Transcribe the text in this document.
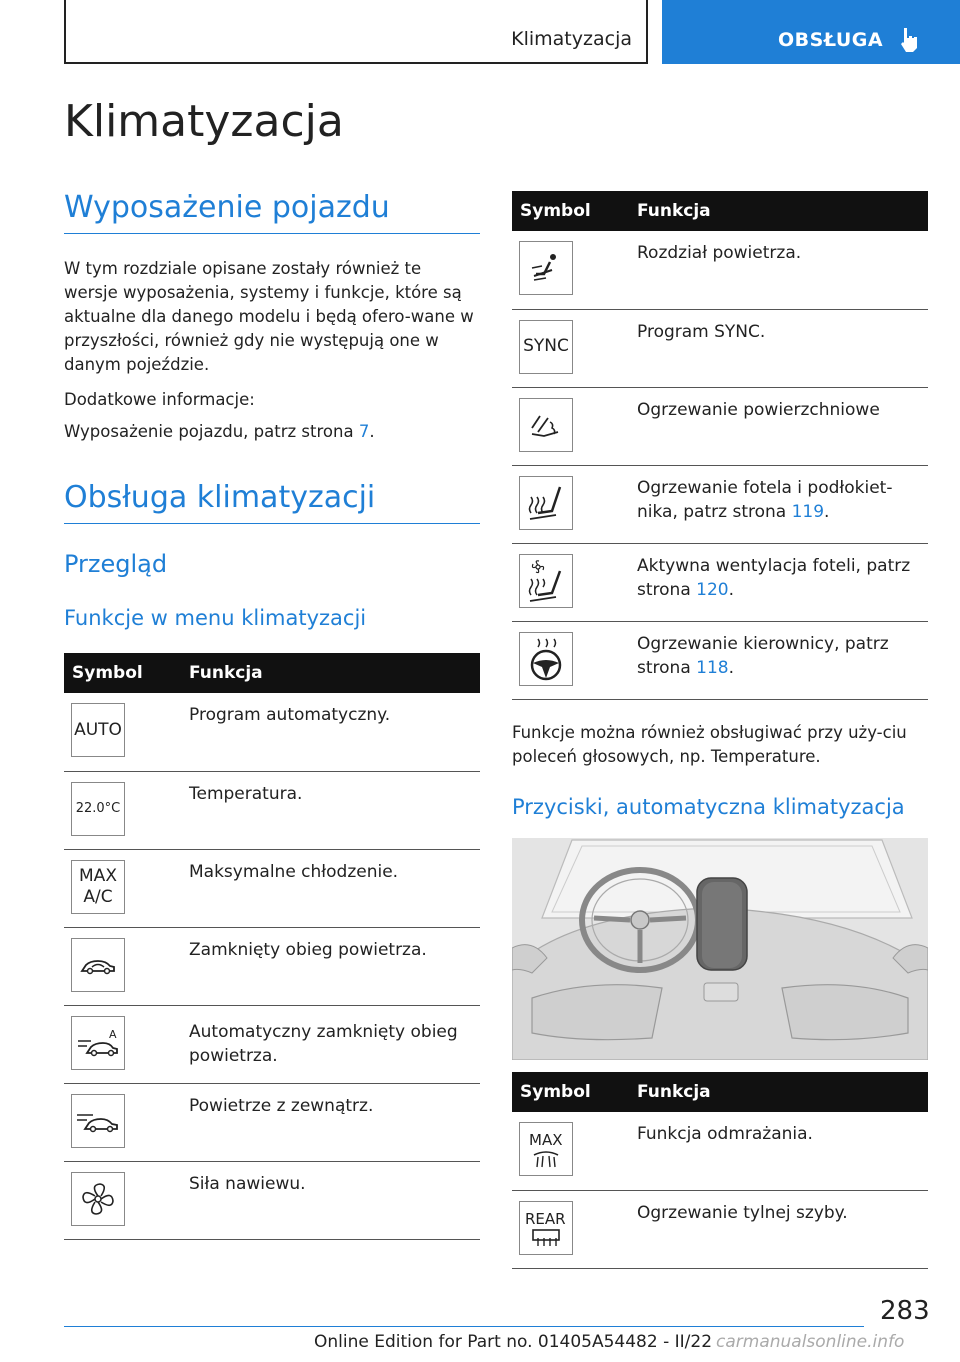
Klimatyzacja	OBSŁUGA
Klimatyzacja
Wyposażenie pojazdu

W tym rozdziale opisane zostały również te wersje wyposażenia, systemy i funkcje, które są aktualne dla danego modelu i będą ofero-wane w przyszłości, również gdy nie występują one w danym pojeździe.

Dodatkowe informacje:

Wyposażenie pojazdu, patrz strona 7.

Obsługa klimatyzacji
Przegląd
Funkcje w menu klimatyzacji
Symbol	Funkcja

AUTO	Program automatyczny.

22.0°C	Temperatura.

MAX
A/C	Maksymalne chłodzenie.

	Zamknięty obieg powietrza.

A	Automatyczny zamknięty obieg powietrza.

	Powietrze z zewnątrz.

	Siła nawiewu.
Symbol	Funkcja

	Rozdział powietrza.

SYNC	Program SYNC.

	Ogrzewanie powierzchniowe

	Ogrzewanie fotela i podłokiet-nika, patrz strona 119.

	Aktywna wentylacja foteli, patrz strona 120.

	Ogrzewanie kierownicy, patrz strona 118.

Funkcje można również obsługiwać przy uży-ciu poleceń głosowych, np. Temperature.

Przyciski, automatyczna klimatyzacja
Symbol	Funkcja

MAX	Funkcja odmrażania.

REAR	Ogrzewanie tylnej szyby.
283
Online Edition for Part no. 01405A54482 - II/22 carmanualsonline.info
